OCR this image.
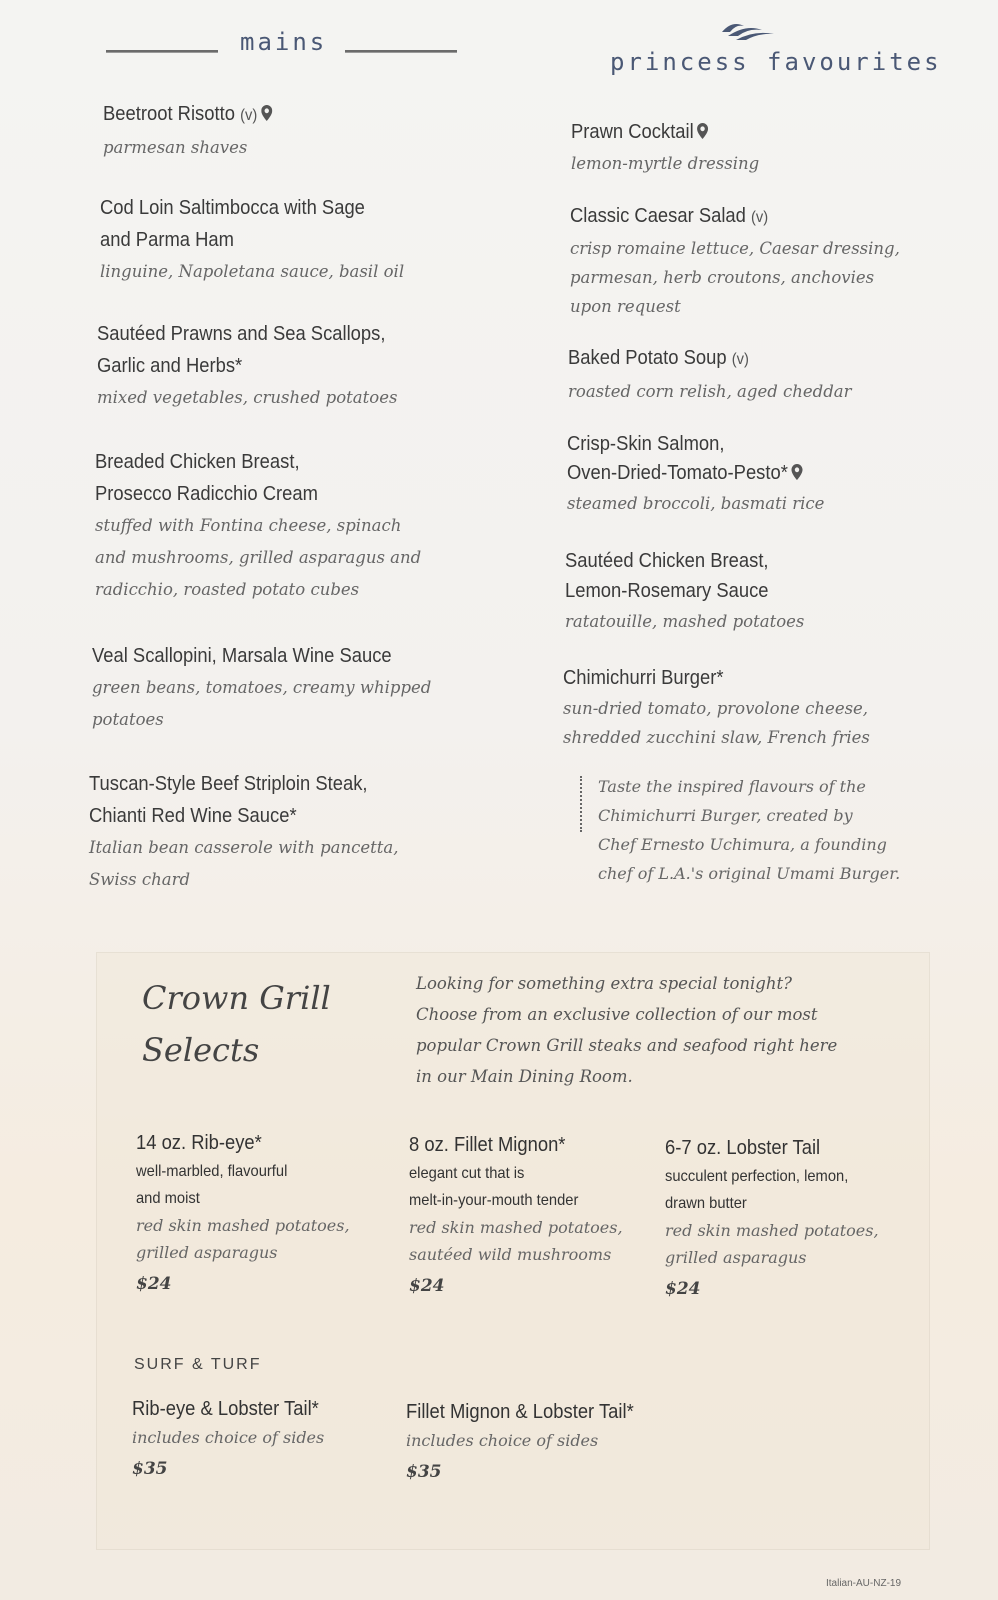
mains
princess favourites
Beetroot Risotto (v)
parmesan shaves
Cod Loin Saltimbocca with Sage
and Parma Ham
linguine, Napoletana sauce, basil oil
Sautéed Prawns and Sea Scallops,
Garlic and Herbs*
mixed vegetables, crushed potatoes
Breaded Chicken Breast,
Prosecco Radicchio Cream
stuffed with Fontina cheese, spinach
and mushrooms, grilled asparagus and
radicchio, roasted potato cubes
Veal Scallopini, Marsala Wine Sauce
green beans, tomatoes, creamy whipped
potatoes
Tuscan-Style Beef Striploin Steak,
Chianti Red Wine Sauce*
Italian bean casserole with pancetta,
Swiss chard
Prawn Cocktail
lemon-myrtle dressing
Classic Caesar Salad (v)
crisp romaine lettuce, Caesar dressing,
parmesan, herb croutons, anchovies
upon request
Baked Potato Soup (v)
roasted corn relish, aged cheddar
Crisp-Skin Salmon,
Oven-Dried-Tomato-Pesto*
steamed broccoli, basmati rice
Sautéed Chicken Breast,
Lemon-Rosemary Sauce
ratatouille, mashed potatoes
Chimichurri Burger*
sun-dried tomato, provolone cheese,
shredded zucchini slaw, French fries
Taste the inspired flavours of the
Chimichurri Burger, created by
Chef Ernesto Uchimura, a founding
chef of L.A.'s original Umami Burger.
Crown Grill
Selects
Looking for something extra special tonight?
Choose from an exclusive collection of our most
popular Crown Grill steaks and seafood right here
in our Main Dining Room.
14 oz. Rib-eye*
well-marbled, flavourful
and moist
red skin mashed potatoes,
grilled asparagus
$24
8 oz. Fillet Mignon*
elegant cut that is
melt-in-your-mouth tender
red skin mashed potatoes,
sautéed wild mushrooms
$24
6-7 oz. Lobster Tail
succulent perfection, lemon,
drawn butter
red skin mashed potatoes,
grilled asparagus
$24
SURF & TURF
Rib-eye & Lobster Tail*
includes choice of sides
$35
Fillet Mignon & Lobster Tail*
includes choice of sides
$35
Italian-AU-NZ-19
